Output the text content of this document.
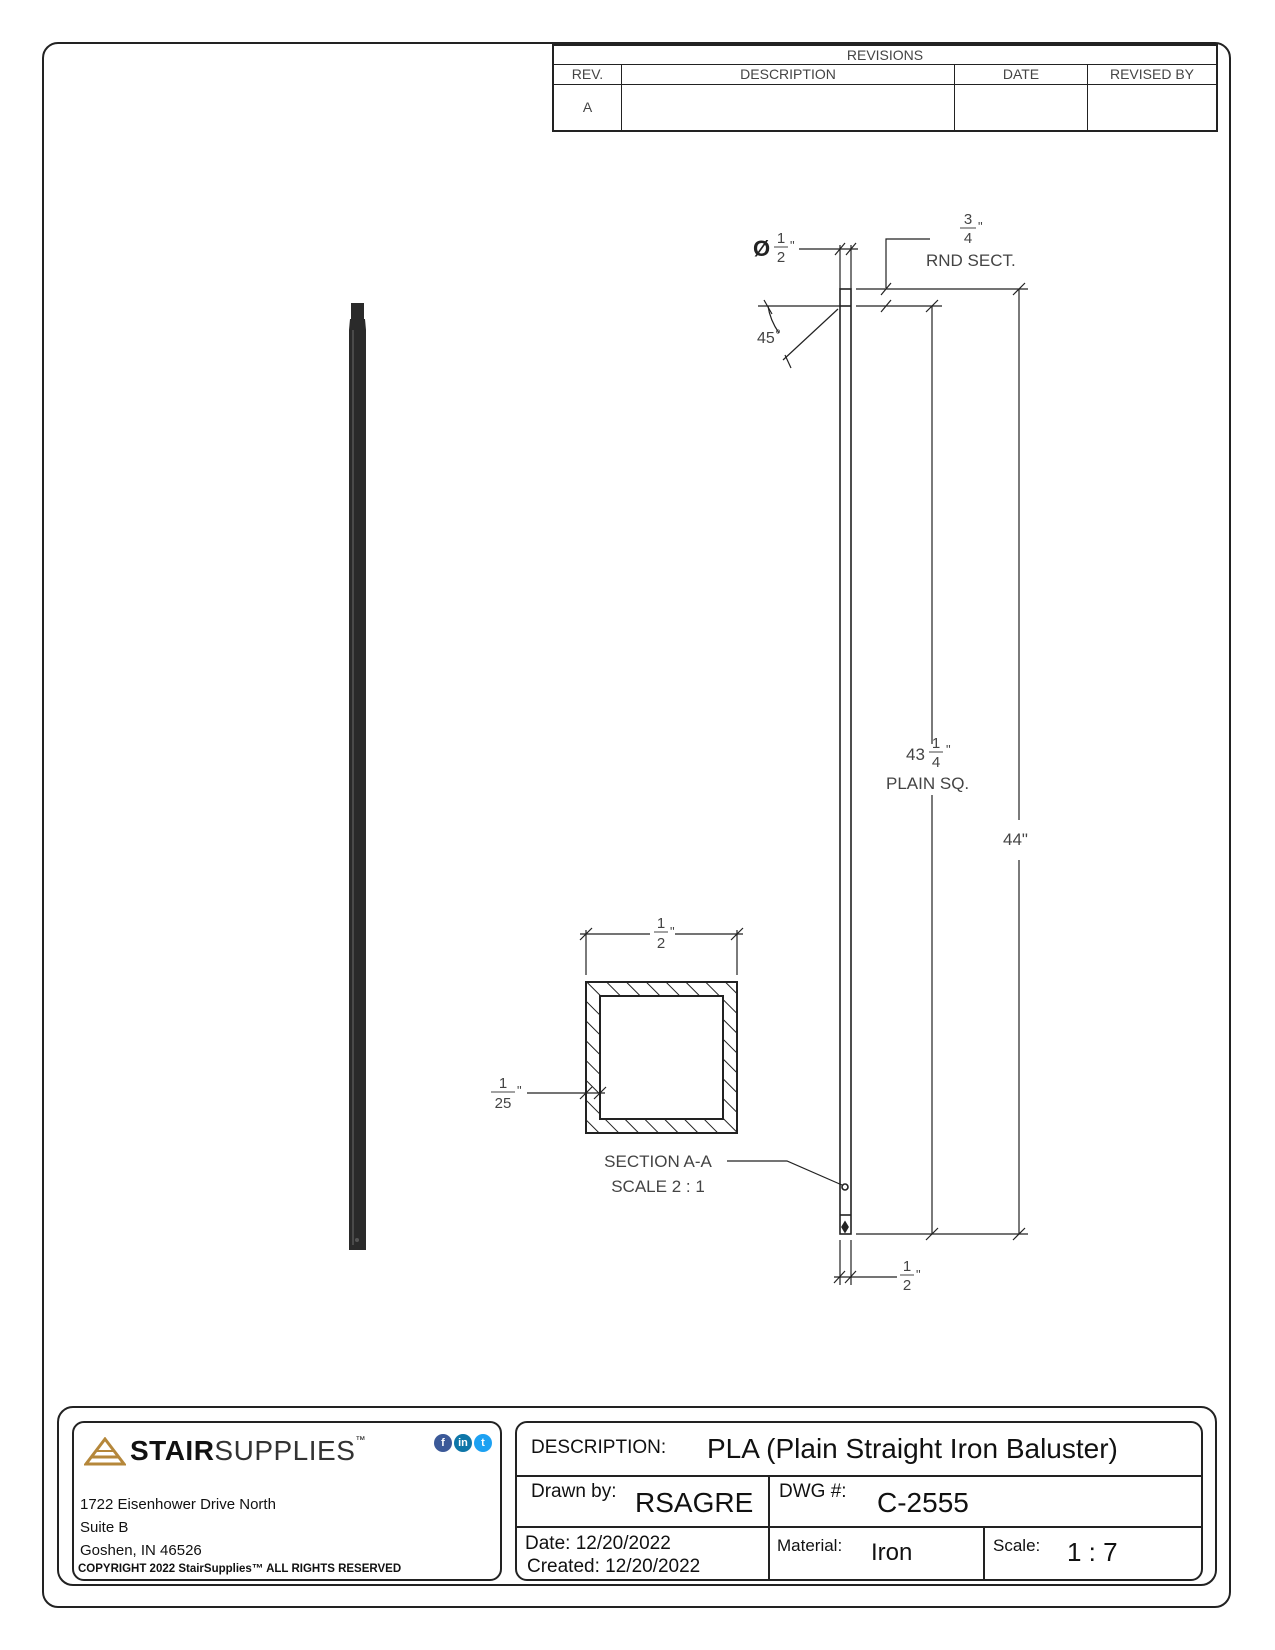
REVISIONS
REV.	DESCRIPTION	DATE	REVISED BY
A
Ø 1
2
"
3
4
"
RND SECT.
45 º
43
1
4
"
PLAIN SQ.
44"
1
2
"
1
2
"
1
25
"
SECTION A-A
SCALE 2 : 1
STAIRSUPPLIES™	f in t
1722 Eisenhower Drive North
Suite B
Goshen, IN 46526
COPYRIGHT 2022 StairSupplies™ ALL RIGHTS RESERVED
DESCRIPTION: PLA (Plain Straight Iron Baluster)
Drawn by: RSAGRE DWG #: C-2555
Date: 12/20/2022
Created: 12/20/2022
Material: Iron	Scale: 1 : 7
